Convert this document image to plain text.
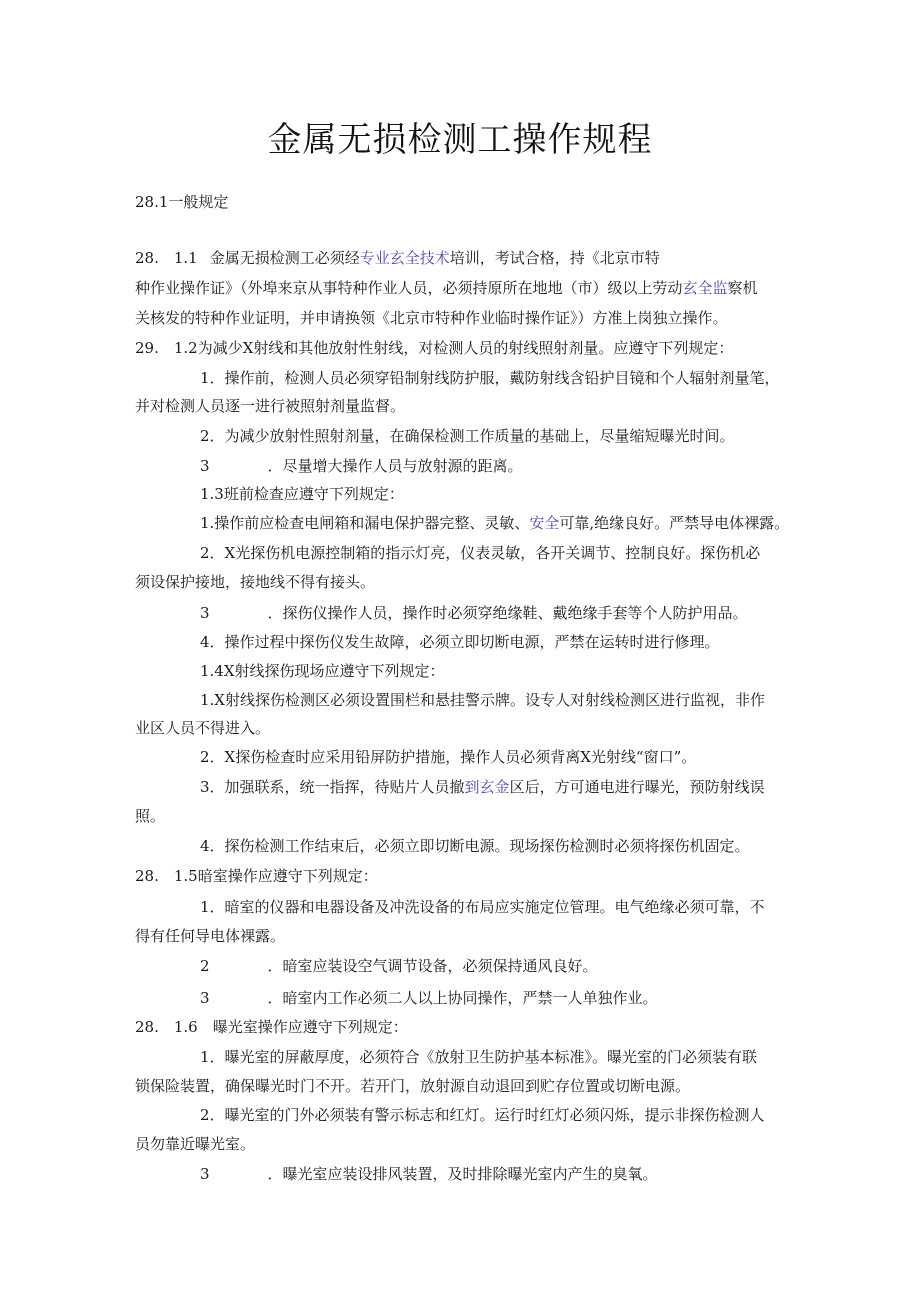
金属无损检测工操作规程
28.1一般规定
28.　1.1 金属无损检测工必须经专业玄全技术培训，考试合格，持《北京市特
种作业操作证》（外埠来京从事特种作业人员，必须持原所在地地（市）级以上劳动玄全监察机
关核发的特种作业证明，并申请换领《北京市特种作业临时操作证》）方准上岗独立操作。
29.　1.2为减少X射线和其他放射性射线，对检测人员的射线照射剂量。应遵守下列规定：
1．操作前，检测人员必须穿铅制射线防护服，戴防射线含铅护目镜和个人辐射剂量笔，
并对检测人员逐一进行被照射剂量监督。
2．为减少放射性照射剂量，在确保检测工作质量的基础上，尽量缩短曝光时间。
3	．尽量增大操作人员与放射源的距离。
1.3班前检查应遵守下列规定：
1.操作前应检查电闸箱和漏电保护器完整、灵敏、安全可靠,绝缘良好。严禁导电体裸露。
2．X光探伤机电源控制箱的指示灯亮，仪表灵敏，各开关调节、控制良好。探伤机必
须设保护接地，接地线不得有接头。
3	．探伤仪操作人员，操作时必须穿绝缘鞋、戴绝缘手套等个人防护用品。
4．操作过程中探伤仪发生故障，必须立即切断电源，严禁在运转时进行修理。
1.4X射线探伤现场应遵守下列规定：
1.X射线探伤检测区必须设置围栏和悬挂警示牌。设专人对射线检测区进行监视，非作
业区人员不得进入。
2．X探伤检查时应采用铅屏防护措施，操作人员必须背离X光射线“窗口”。
3．加强联系，统一指挥，待贴片人员撤到玄金区后，方可通电进行曝光，预防射线误
照。
4．探伤检测工作结束后，必须立即切断电源。现场探伤检测时必须将探伤机固定。
28.　1.5暗室操作应遵守下列规定：
1．暗室的仪器和电器设备及冲洗设备的布局应实施定位管理。电气绝缘必须可靠，不
得有任何导电体裸露。
2	．暗室应装设空气调节设备，必须保持通风良好。
3	．暗室内工作必须二人以上协同操作，严禁一人单独作业。
28.　1.6　曝光室操作应遵守下列规定：
1．曝光室的屏蔽厚度，必须符合《放射卫生防护基本标准》。曝光室的门必须装有联
锁保险装置，确保曝光时门不开。若开门，放射源自动退回到贮存位置或切断电源。
2．曝光室的门外必须装有警示标志和红灯。运行时红灯必须闪烁，提示非探伤检测人
员勿靠近曝光室。
3	．曝光室应装设排风装置，及时排除曝光室内产生的臭氧。
